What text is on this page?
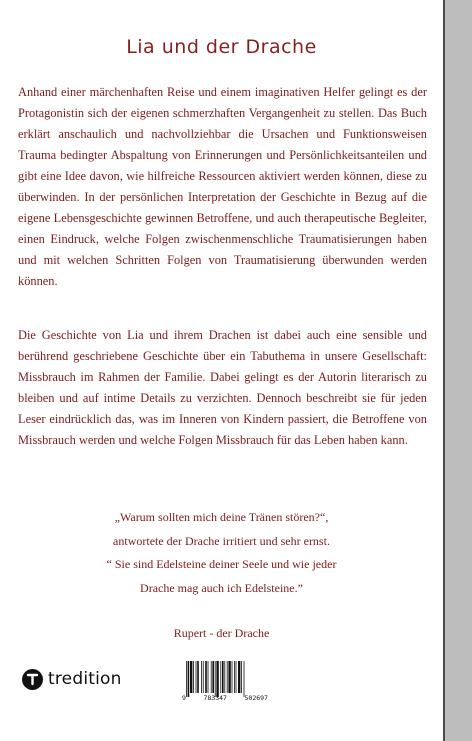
Lia und der Drache

Anhand einer märchenhaften Reise und einem imaginativen Helfer gelingt es der Protagonistin sich der eigenen schmerzhaften Vergangenheit zu stellen. Das Buch erklärt anschaulich und nachvollziehbar die Ursachen und Funktionsweisen Trauma bedingter Abspaltung von Erinnerungen und Persönlichkeitsanteilen und gibt eine Idee davon, wie hilfreiche Ressourcen aktiviert werden können, diese zu überwinden. In der persönlichen Interpretation der Geschichte in Bezug auf die eigene Lebensgeschichte gewinnen Betroffene, und auch therapeutische Begleiter, einen Eindruck, welche Folgen zwischenmenschliche Traumatisierungen haben und mit welchen Schritten Folgen von Traumatisierung überwunden werden können.

Die Geschichte von Lia und ihrem Drachen ist dabei auch eine sensible und berührend geschriebene Geschichte über ein Tabuthema in unsere Gesellschaft: Missbrauch im Rahmen der Familie. Dabei gelingt es der Autorin literarisch zu bleiben und auf intime Details zu verzichten. Dennoch beschreibt sie für jeden Leser eindrücklich das, was im Inneren von Kindern passiert, die Betroffene von Missbrauch werden und welche Folgen Missbrauch für das Leben haben kann.

„Warum sollten mich deine Tränen stören?“,
antwortete der Drache irritiert und sehr ernst.
“ Sie sind Edelsteine deiner Seele und wie jeder
Drache mag auch ich Edelsteine.”
Rupert - der Drache
tredition
9	783347	502697
